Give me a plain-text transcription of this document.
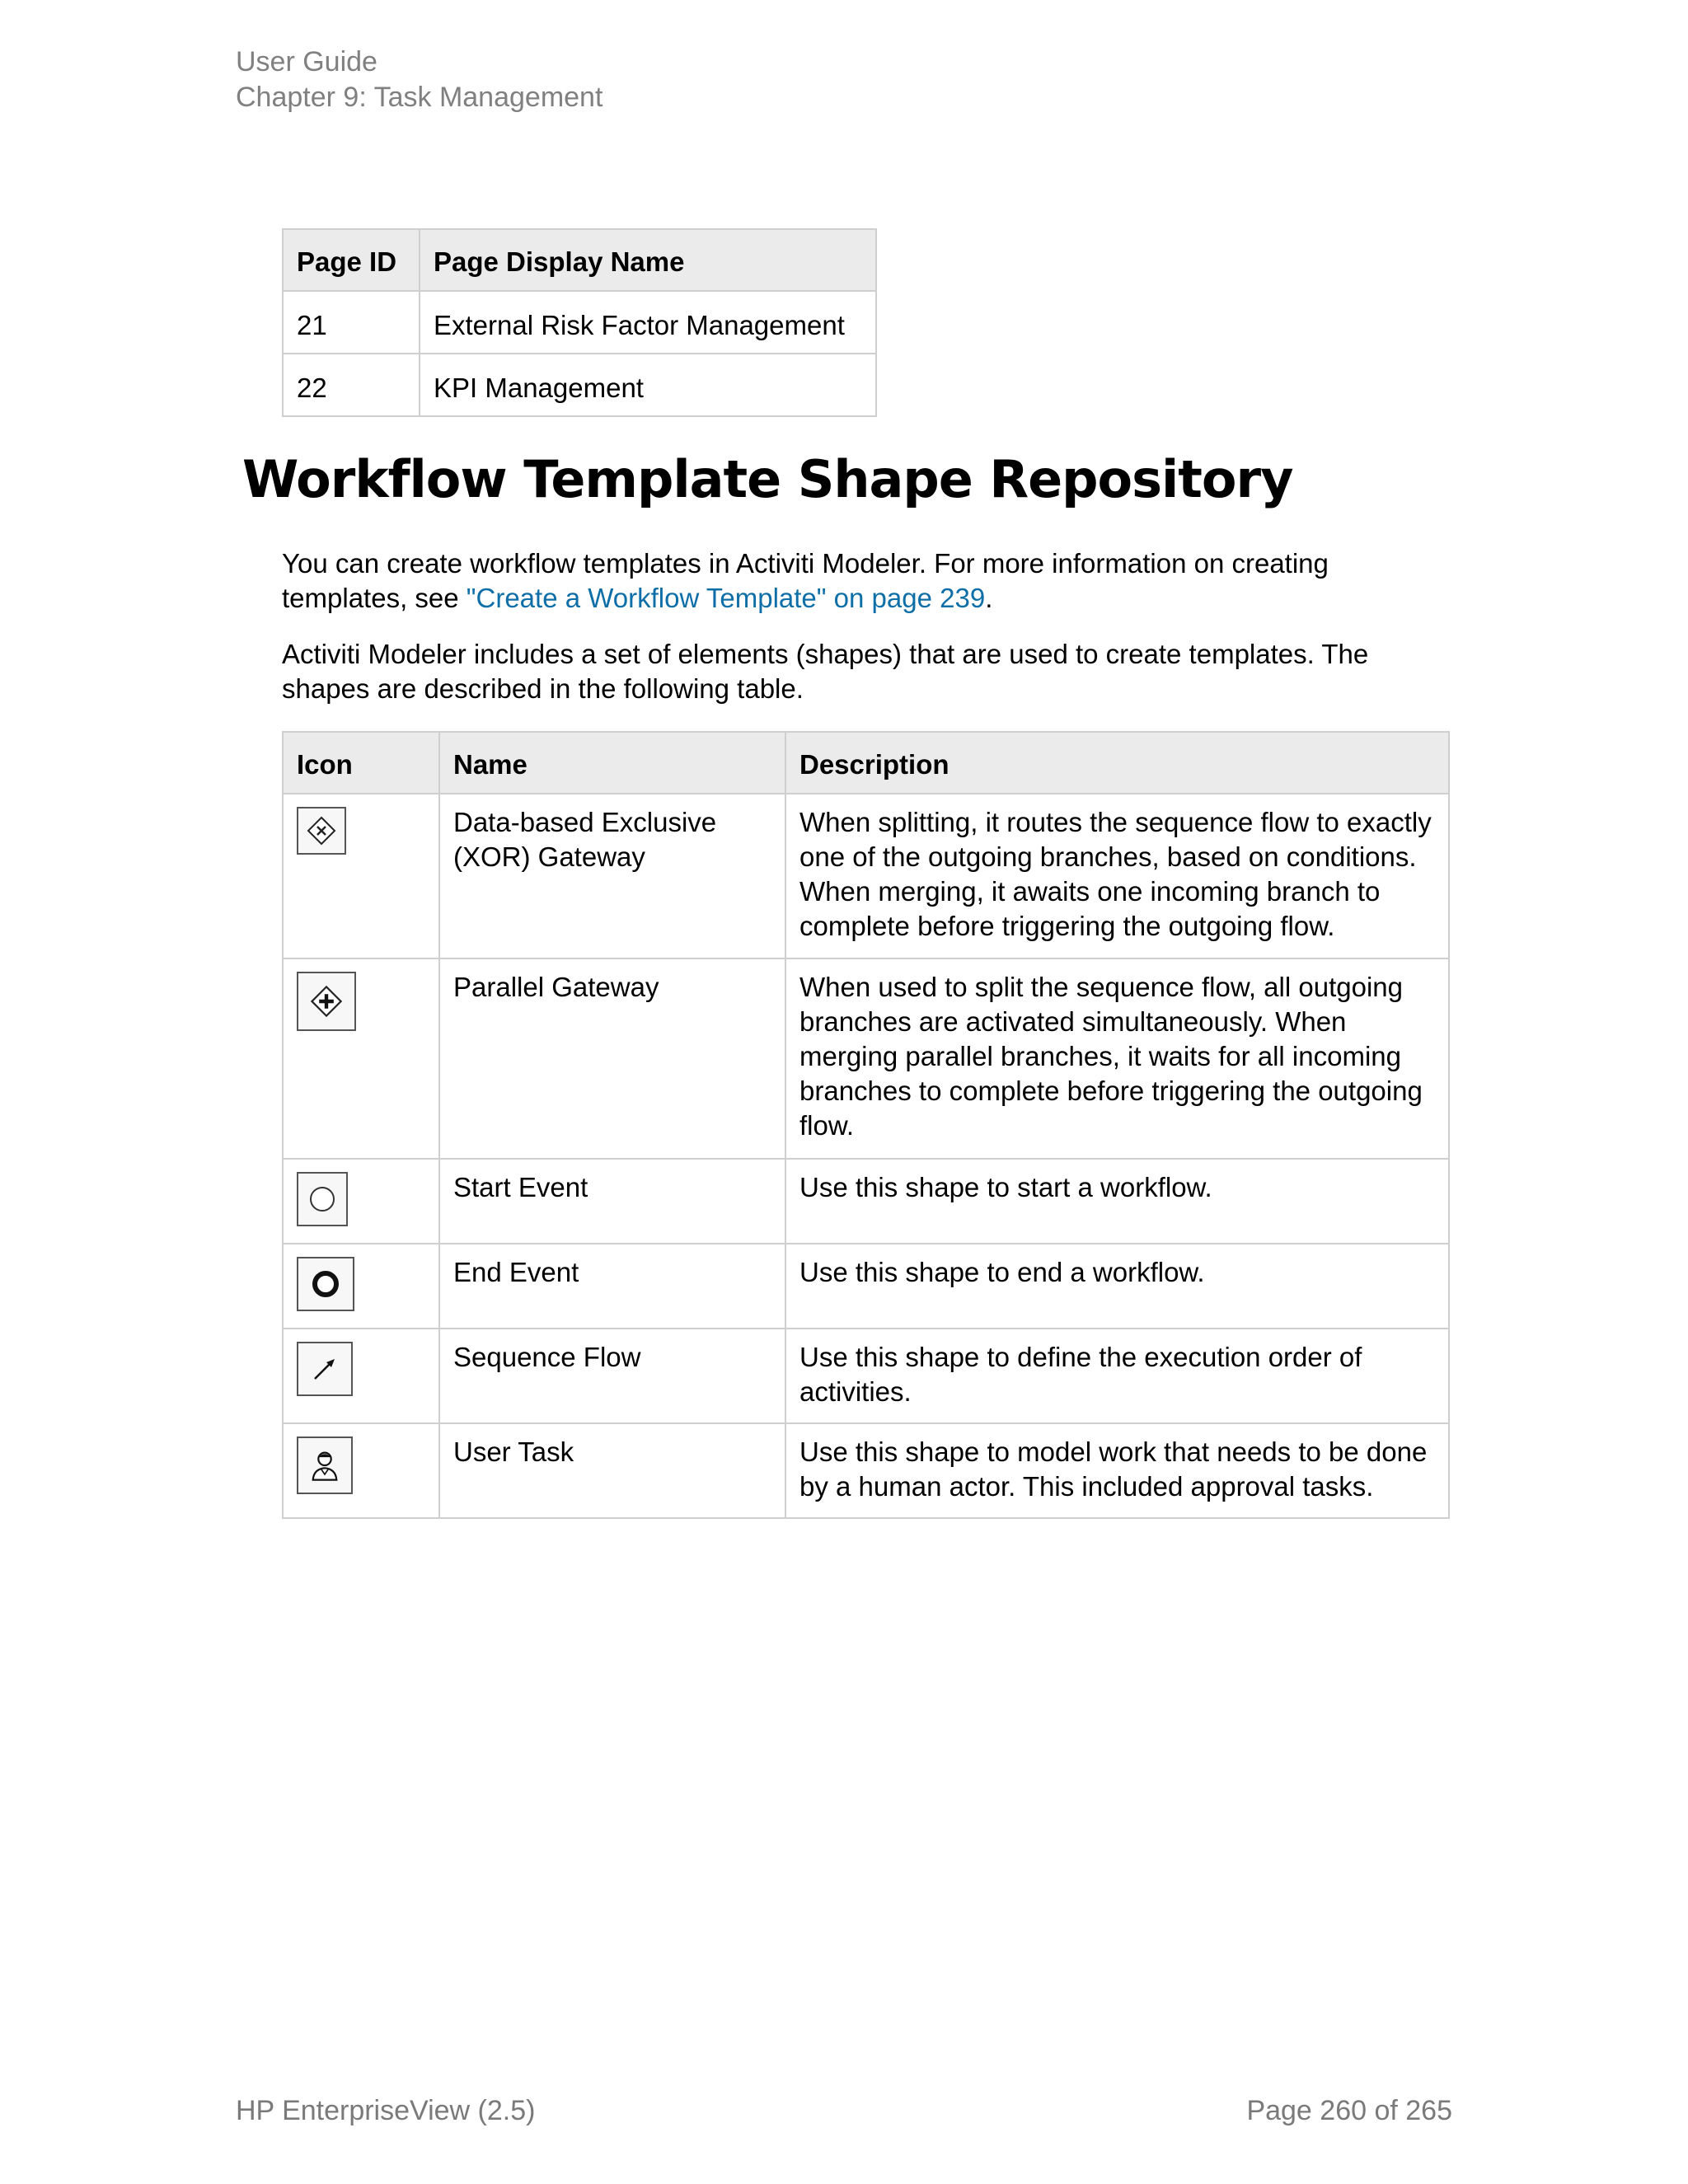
User Guide
Chapter 9: Task Management
Page ID	Page Display Name
21	External Risk Factor Management
22	KPI Management
Workflow Template Shape Repository

You can create workflow templates in Activiti Modeler. For more information on creating templates, see "Create a Workflow Template" on page 239.

Activiti Modeler includes a set of elements (shapes) that are used to create templates. The shapes are described in the following table.

Icon	Name	Description

	Data-based Exclusive (XOR) Gateway	When splitting, it routes the sequence flow to exactly one of the outgoing branches, based on conditions. When merging, it awaits one incoming branch to complete before triggering the outgoing flow.

	Parallel Gateway	When used to split the sequence flow, all outgoing branches are activated simultaneously. When merging parallel branches, it waits for all incoming branches to complete before triggering the outgoing flow.

	Start Event	Use this shape to start a workflow.

	End Event	Use this shape to end a workflow.

	Sequence Flow	Use this shape to define the execution order of activities.

	User Task	Use this shape to model work that needs to be done by a human actor. This included approval tasks.
HP EnterpriseView (2.5)	Page 260 of 265
